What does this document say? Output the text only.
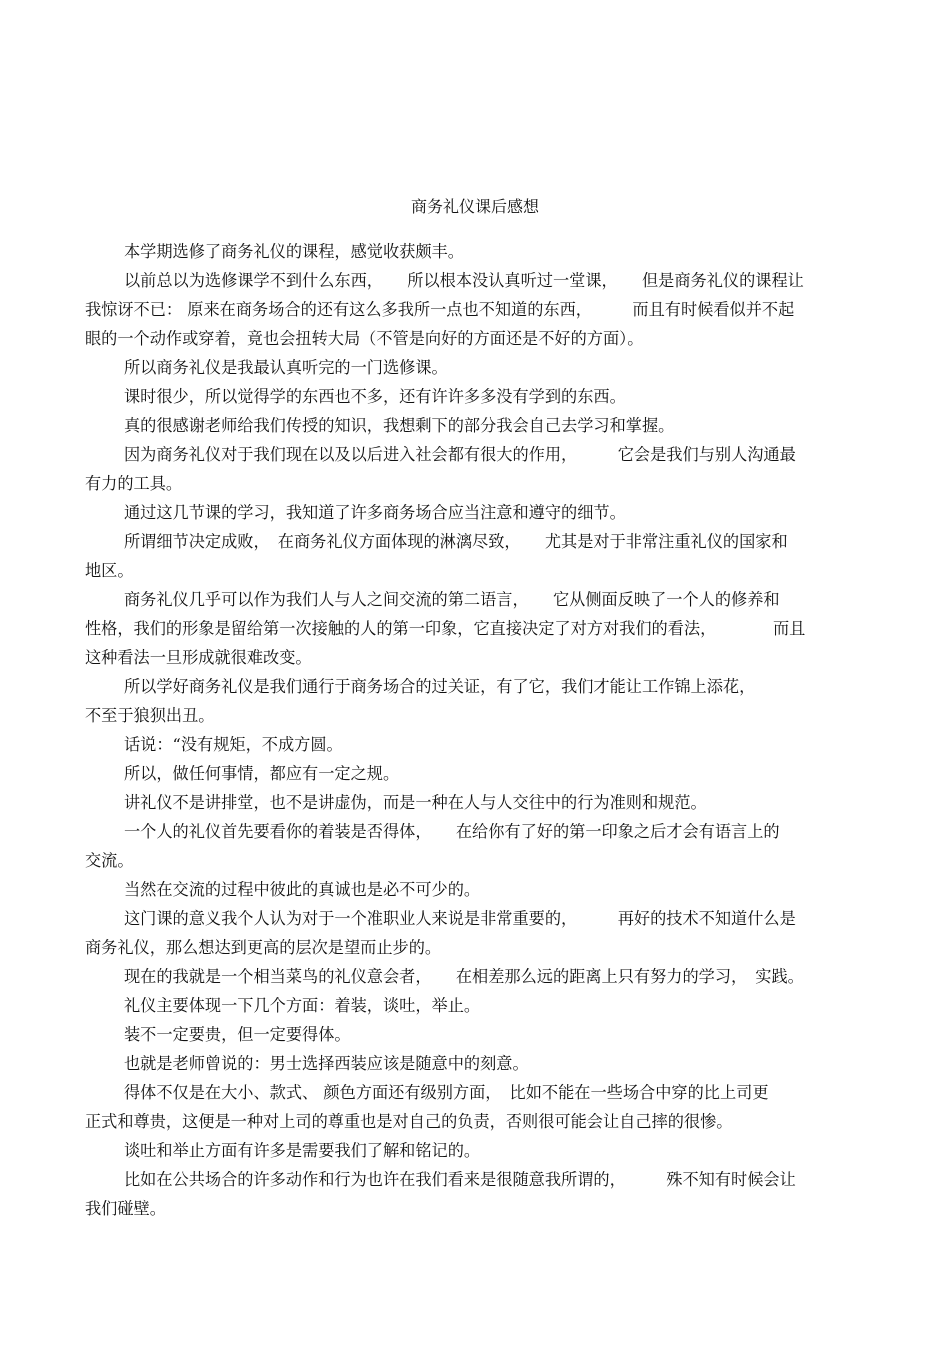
商务礼仪课后感想
本学期选修了商务礼仪的课程，感觉收获颇丰。
以前总以为选修课学不到什么东西，　　所以根本没认真听过一堂课，　　但是商务礼仪的课程让
我惊讶不已： 原来在商务场合的还有这么多我所一点也不知道的东西，　　　而且有时候看似并不起
眼的一个动作或穿着，竟也会扭转大局（不管是向好的方面还是不好的方面）。
所以商务礼仪是我最认真听完的一门选修课。
课时很少，所以觉得学的东西也不多，还有许许多多没有学到的东西。
真的很感谢老师给我们传授的知识，我想剩下的部分我会自己去学习和掌握。
因为商务礼仪对于我们现在以及以后进入社会都有很大的作用，　　　它会是我们与别人沟通最
有力的工具。
通过这几节课的学习，我知道了许多商务场合应当注意和遵守的细节。
所谓细节决定成败，　在商务礼仪方面体现的淋漓尽致，　　尤其是对于非常注重礼仪的国家和
地区。
商务礼仪几乎可以作为我们人与人之间交流的第二语言，　　它从侧面反映了一个人的修养和
性格，我们的形象是留给第一次接触的人的第一印象，它直接决定了对方对我们的看法，　　　　而且
这种看法一旦形成就很难改变。
所以学好商务礼仪是我们通行于商务场合的过关证，有了它，我们才能让工作锦上添花，
不至于狼狈出丑。
话说：“没有规矩，不成方圆。
所以，做任何事情，都应有一定之规。
讲礼仪不是讲排堂，也不是讲虚伪，而是一种在人与人交往中的行为准则和规范。
一个人的礼仪首先要看你的着装是否得体，　　在给你有了好的第一印象之后才会有语言上的
交流。
当然在交流的过程中彼此的真诚也是必不可少的。
这门课的意义我个人认为对于一个准职业人来说是非常重要的，　　　再好的技术不知道什么是
商务礼仪，那么想达到更高的层次是望而止步的。
现在的我就是一个相当菜鸟的礼仪意会者，　　在相差那么远的距离上只有努力的学习，　实践。
礼仪主要体现一下几个方面：着装，谈吐，举止。
装不一定要贵，但一定要得体。
也就是老师曾说的：男士选择西装应该是随意中的刻意。
得体不仅是在大小、款式、 颜色方面还有级别方面，　比如不能在一些场合中穿的比上司更
正式和尊贵，这便是一种对上司的尊重也是对自己的负责，否则很可能会让自己摔的很惨。
谈吐和举止方面有许多是需要我们了解和铭记的。
比如在公共场合的许多动作和行为也许在我们看来是很随意我所谓的，　　　殊不知有时候会让
我们碰壁。
